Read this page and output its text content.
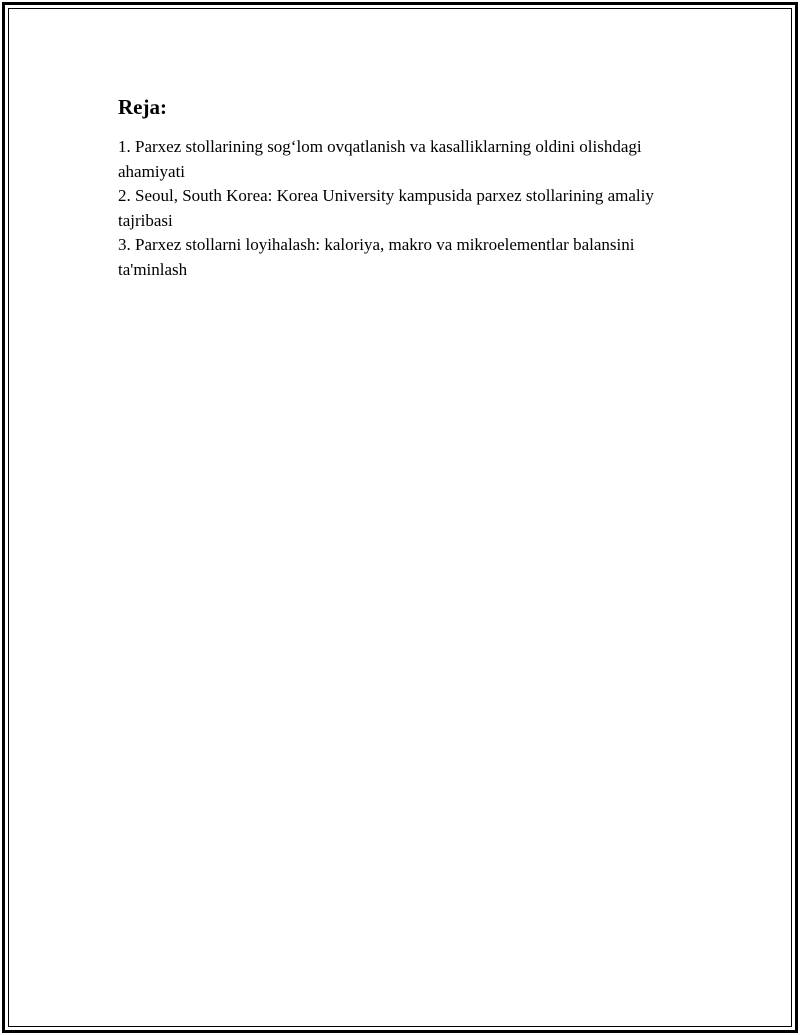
Reja:

1. Parxez stollarining sog‘lom ovqatlanish va kasalliklarning oldini olishdagi ahamiyati

2. Seoul, South Korea: Korea University kampusida parxez stollarining amaliy tajribasi

3. Parxez stollarni loyihalash: kaloriya, makro va mikroelementlar balansini ta'minlash
